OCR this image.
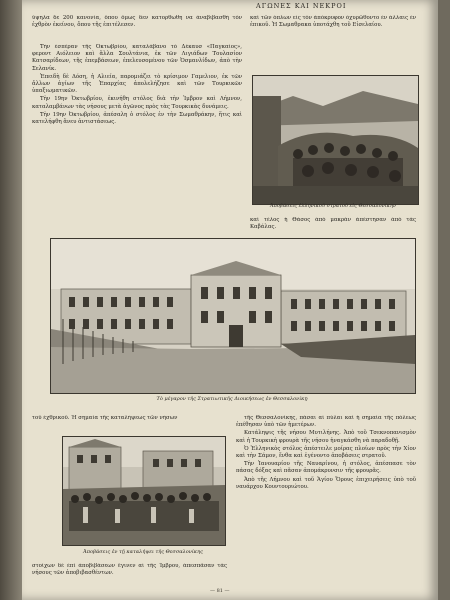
ΑΓΩΝΕΣ ΚΑΙ ΝΕΚΡΟΙ
ὕψηλα δε 200 κανονία, ὅπου ὅμως δεν κατορθωθη να ἀναβιβασθή τὸν ἐχθρὸν ἐκείνου, ὅπου τῆς ἐπιτέλεσεν.
καὶ τῶν ὁπλων εἰς τὸν ἀπόκρυφον ὀχυρῶθοντο ἐν ἀλλαις ἐν ἐπικοῦ. Ἡ Σωμαθρακα ὑποτάχθη τοῦ Εἰσελαίου.

Τὴν ἑσπέραν τῆς Ὀκτωβρίου, καταλάβανο τὸ Δέκαυσ «Παγκαίος», φεροντ Αιόλειον καὶ ἄλλα Σουλτάνια, ἐκ τῶν Λιγιάδων Τουλασίον Κατσαρίδεων, τῆς ἐπεμβάσεων, ἐπελευσομένου τῶν Ὀσμανλίδων, ἀπὸ τὴν Σελανίκ.

Ἐπειδὴ δὲ Δόση, ἡ Αλιεία, παρομιάζει τὸ κρίσιμον Γαμελιον, ἐκ τῶν ἄλλων ἁγίων τῆς Ἐπαρχίας ἀπολελήζησε καὶ τῶν Τουρκικῶν ὑπαξιωματικῶν.

Τὴν 19ην Ὀκτωβρίου, ἐκινήθη στόλος διὰ τὴν Ἰμβρον καὶ Λήμνον, καταλαμβάνων τὰς νήσους μετὰ ἀγῶνος πρὸς τὰς Τουρκικὰς δυνάμεις.

Τὴν 19ην Ὀκτωβρίου, ἀπέσαλη ὁ στόλος ἐν τὴν Σωμαθράκην, ἥτις καὶ κατελήφθη ἄνευ ἀντιστάσεως.

Ἀποβάσεις ἐλληνικοῦ στρατοῦ εἰς Θεσσαλονίκην
καὶ τέλος ἡ Θάσος ἀπὸ μακρὰν ἀπέστησαν ἀπὸ τὰς Καβάλας.
Τὸ μέγαρον τῆς Στρατιωτικῆς Διοικήσεως ἐν Θεσσαλονίκῃ
τοῦ ἐχθρικοῦ. Ἡ σημαία τῆς καταλήψεως τῶν νήσων	τῆς Θεσσαλονίκης, πάσαι αἱ πύλαι καὶ ἡ σημαία τῆς πόλεως ἐπέθησαν ὑπὸ τῶν ἡμετέρων.

Κατάληψις τῆς νήσου Μυτιλήνης. Ἀπὸ τοῦ Τσεκνοπανισμὸν καὶ ἡ Τουρκικὴ φρουρὰ τῆς νήσου ἠναγκάσθη νὰ παραδοθῇ.

Ὁ Ἑλληνικὸς στόλος ἀπέστειλε μοίρας πλοίων πρὸς τὴν Χίον καὶ τὴν Σάμον, ἔνθα καὶ ἐγένοντο ἀποβάσεις στρατοῦ.

Τὴν Ἰανουαρίου τῆς Ναυαρίνου, ἡ στόλος, ἀπέσπασε τὸν πάσας δόξας καὶ πᾶσαν ἀπομάκρυνσιν τῆς φρουρᾶς.

Ἀπὸ τῆς Λήμνου καὶ τοῦ Ἁγίου Ὄρους ἐπιχειρήσεις ὑπὸ τοῦ ναυάρχου Κουντουριώτου.

Ἀποβάσεις ἐν τῇ καταλήψει τῆς Θεσσαλονίκης
στοίχων δὲ ἐπὶ ἀποβιβάσεων ἔγινεν αἱ τῆς Ἰμβρου, ἀπεσπᾶσαν τὰς νήσους τῶν ἀποβιβασθέντων.
— 81 —
